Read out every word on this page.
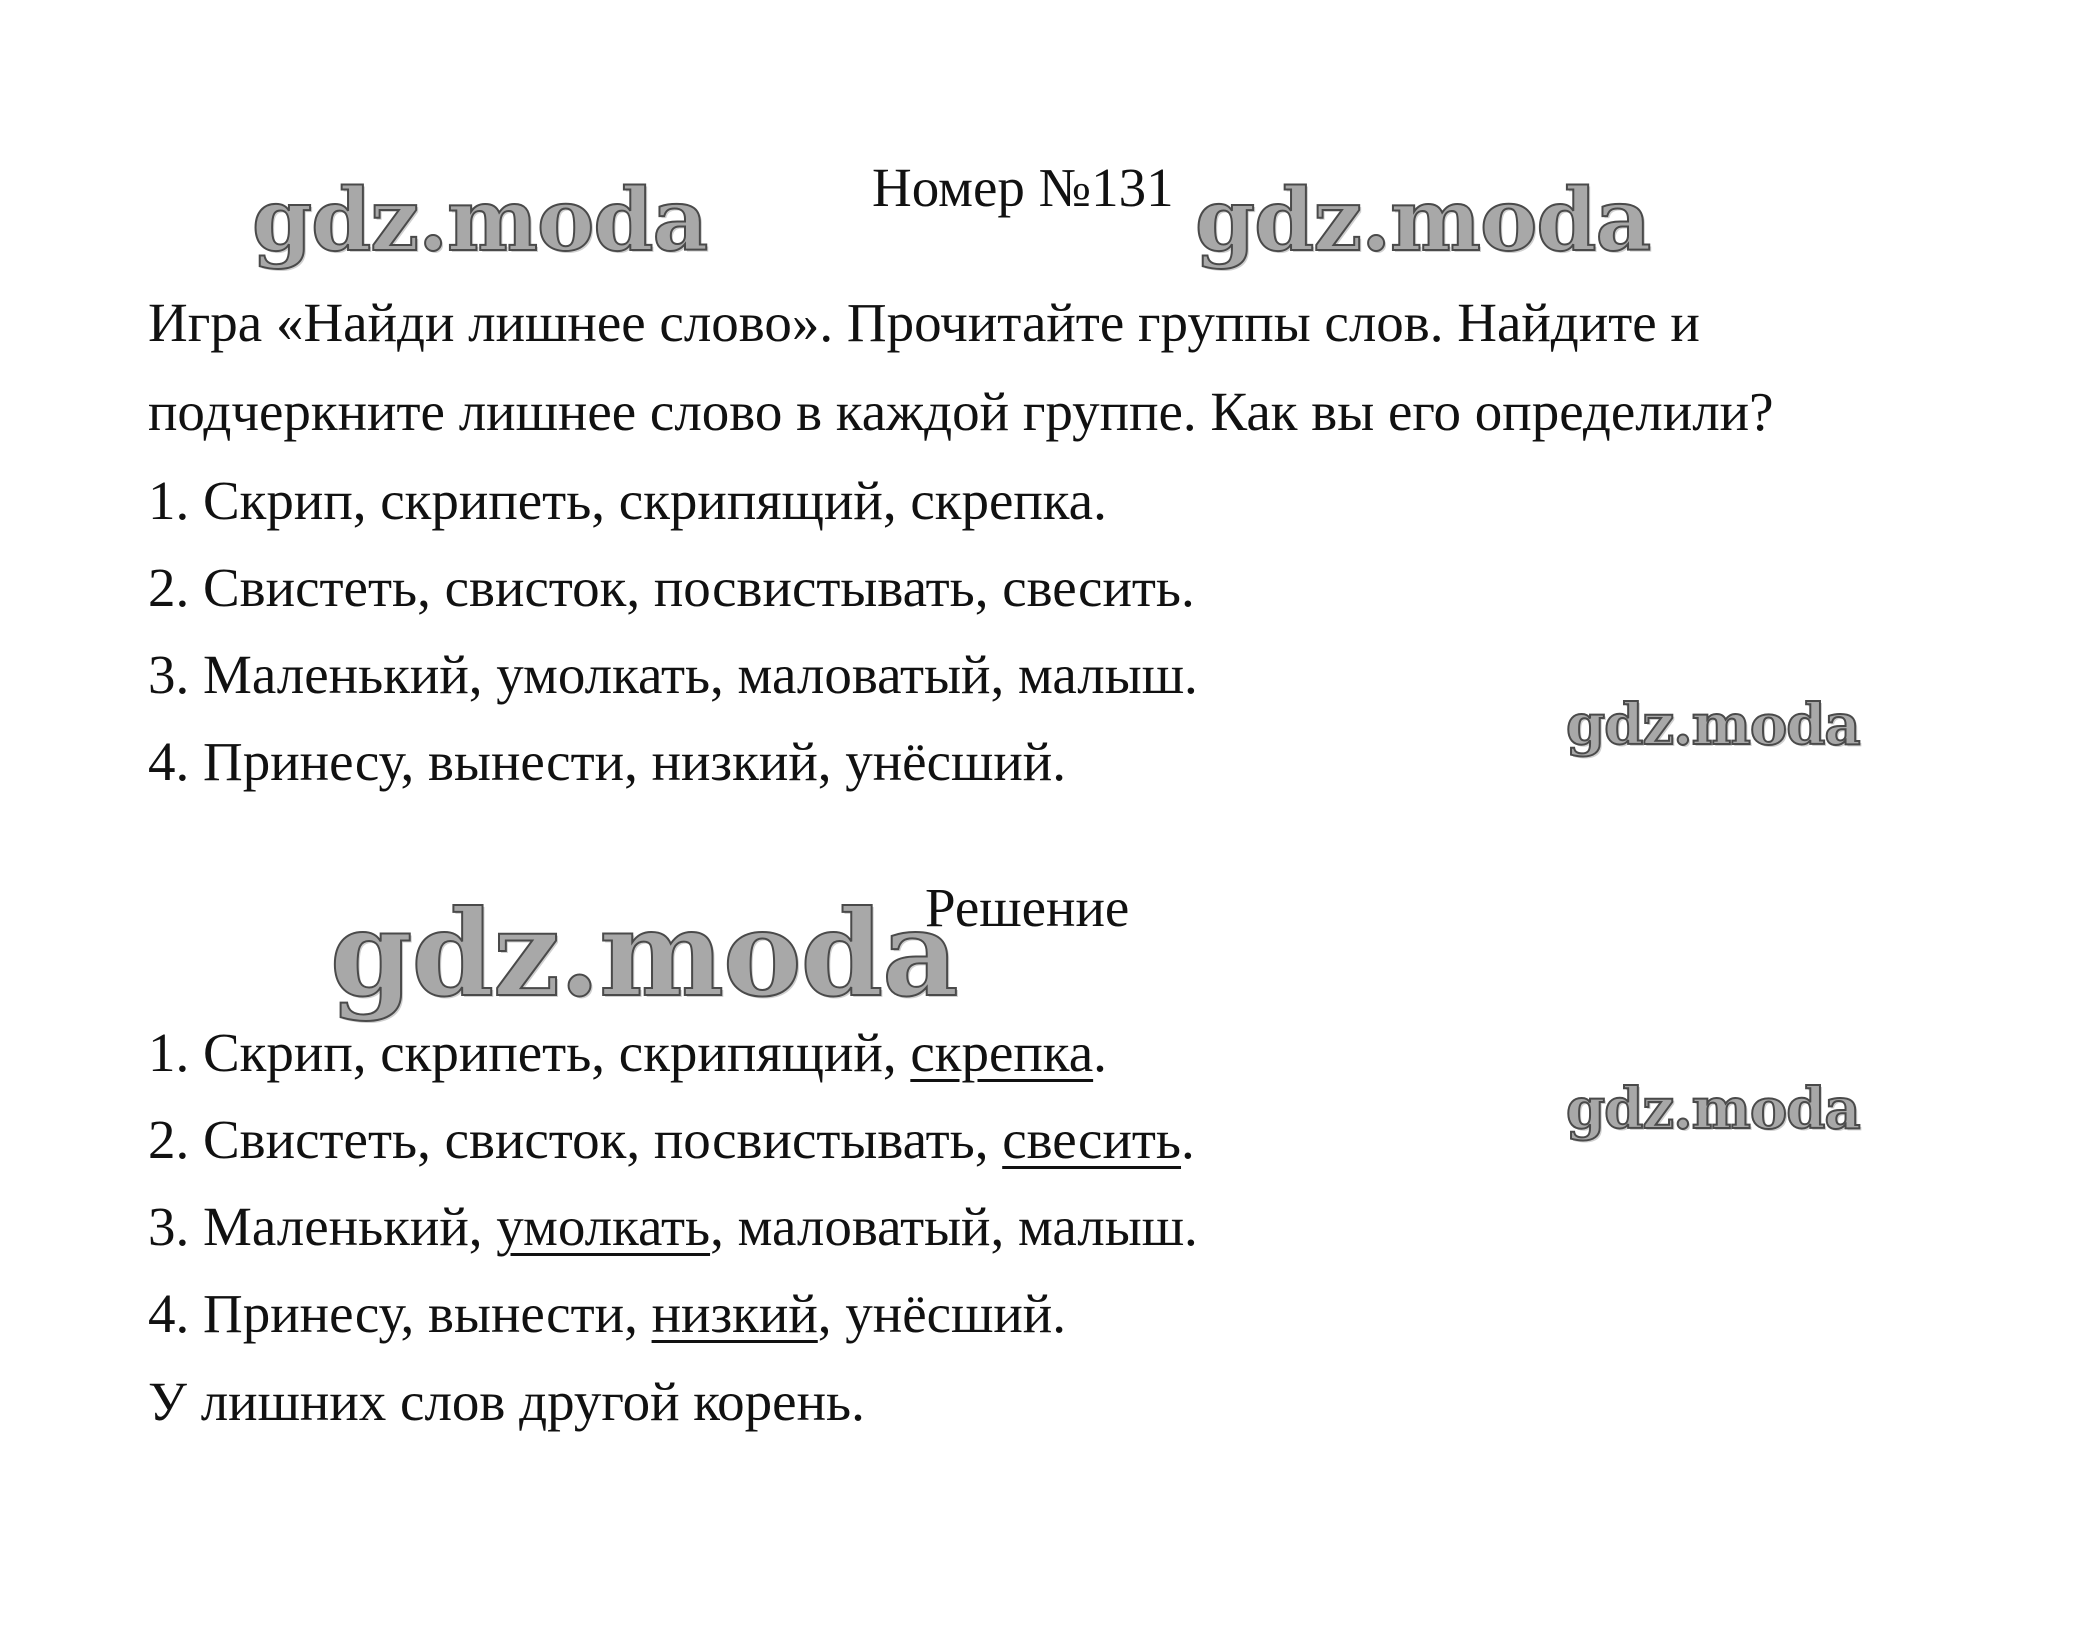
gdz.moda	gdz.moda
gdz.moda
gdz.moda
gdz.moda
Номер №131
Игра «Найди лишнее слово». Прочитайте группы слов. Найдите и
подчеркните лишнее слово в каждой группе. Как вы его определили?
1. Скрип, скрипеть, скрипящий, скрепка.
2. Свистеть, свисток, посвистывать, свесить.
3. Маленький, умолкать, маловатый, малыш.
4. Принесу, вынести, низкий, унёсший.
Решение
1. Скрип, скрипеть, скрипящий, скрепка.
2. Свистеть, свисток, посвистывать, свесить.
3. Маленький, умолкать, маловатый, малыш.
4. Принесу, вынести, низкий, унёсший.
У лишних слов другой корень.
